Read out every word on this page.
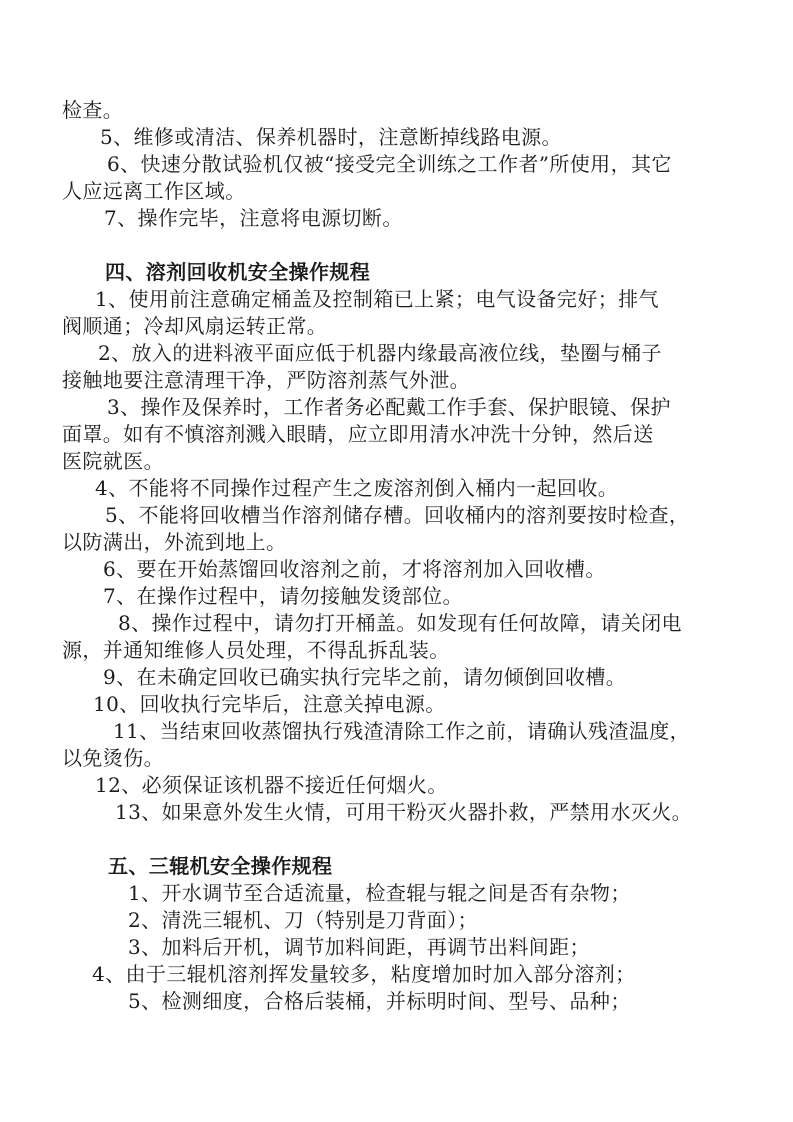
检查。
5、维修或清洁、保养机器时，注意断掉线路电源。
6、快速分散试验机仅被“接受完全训练之工作者”所使用，其它
人应远离工作区域。
7、操作完毕，注意将电源切断。
四、溶剂回收机安全操作规程
1、使用前注意确定桶盖及控制箱已上紧；电气设备完好；排气
阀顺通；冷却风扇运转正常。
2、放入的进料液平面应低于机器内缘最高液位线，垫圈与桶子
接触地要注意清理干净，严防溶剂蒸气外泄。
3、操作及保养时，工作者务必配戴工作手套、保护眼镜、保护
面罩。如有不慎溶剂溅入眼睛，应立即用清水冲洗十分钟，然后送
医院就医。
4、不能将不同操作过程产生之废溶剂倒入桶内一起回收。
5、不能将回收槽当作溶剂储存槽。回收桶内的溶剂要按时检查，
以防满出，外流到地上。
6、要在开始蒸馏回收溶剂之前，才将溶剂加入回收槽。
7、在操作过程中，请勿接触发烫部位。
8、操作过程中，请勿打开桶盖。如发现有任何故障，请关闭电
源，并通知维修人员处理，不得乱拆乱装。
9、在未确定回收已确实执行完毕之前，请勿倾倒回收槽。
10、回收执行完毕后，注意关掉电源。
11、当结束回收蒸馏执行残渣清除工作之前，请确认残渣温度，
以免烫伤。
12、必须保证该机器不接近任何烟火。
13、如果意外发生火情，可用干粉灭火器扑救，严禁用水灭火。
五、三辊机安全操作规程
1、开水调节至合适流量，检查辊与辊之间是否有杂物；
2、清洗三辊机、刀（特别是刀背面）；
3、加料后开机，调节加料间距，再调节出料间距；
4、由于三辊机溶剂挥发量较多，粘度增加时加入部分溶剂；
5、检测细度，合格后装桶，并标明时间、型号、品种；
